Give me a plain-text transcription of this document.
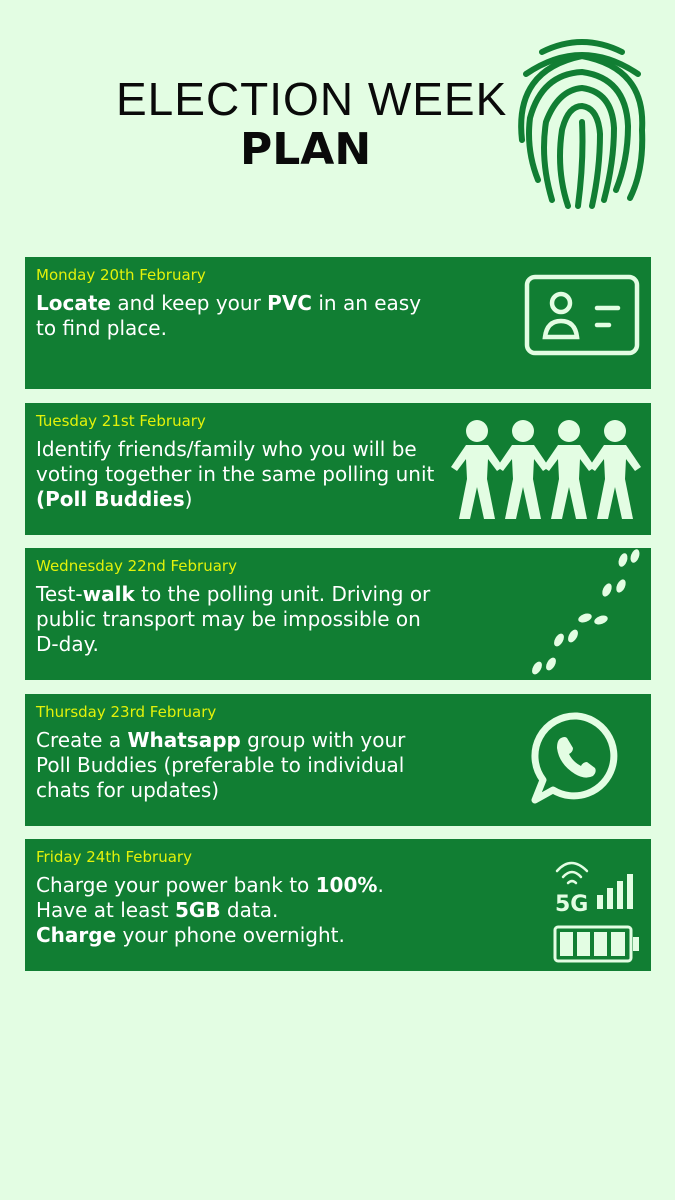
ELECTION WEEK
PLAN
Monday 20th February
Locate and keep your PVC in an easy to find place.
Tuesday 21st February
Identify friends/family who you will be voting together in the same polling unit (Poll Buddies)
Wednesday 22nd February
Test-walk to the polling unit. Driving or public transport may be impossible on D-day.
Thursday 23rd February
Create a Whatsapp group with your Poll Buddies (preferable to individual chats for updates)
Friday 24th February
Charge your power bank to 100%.
Have at least 5GB data.
Charge your phone overnight.
5G
